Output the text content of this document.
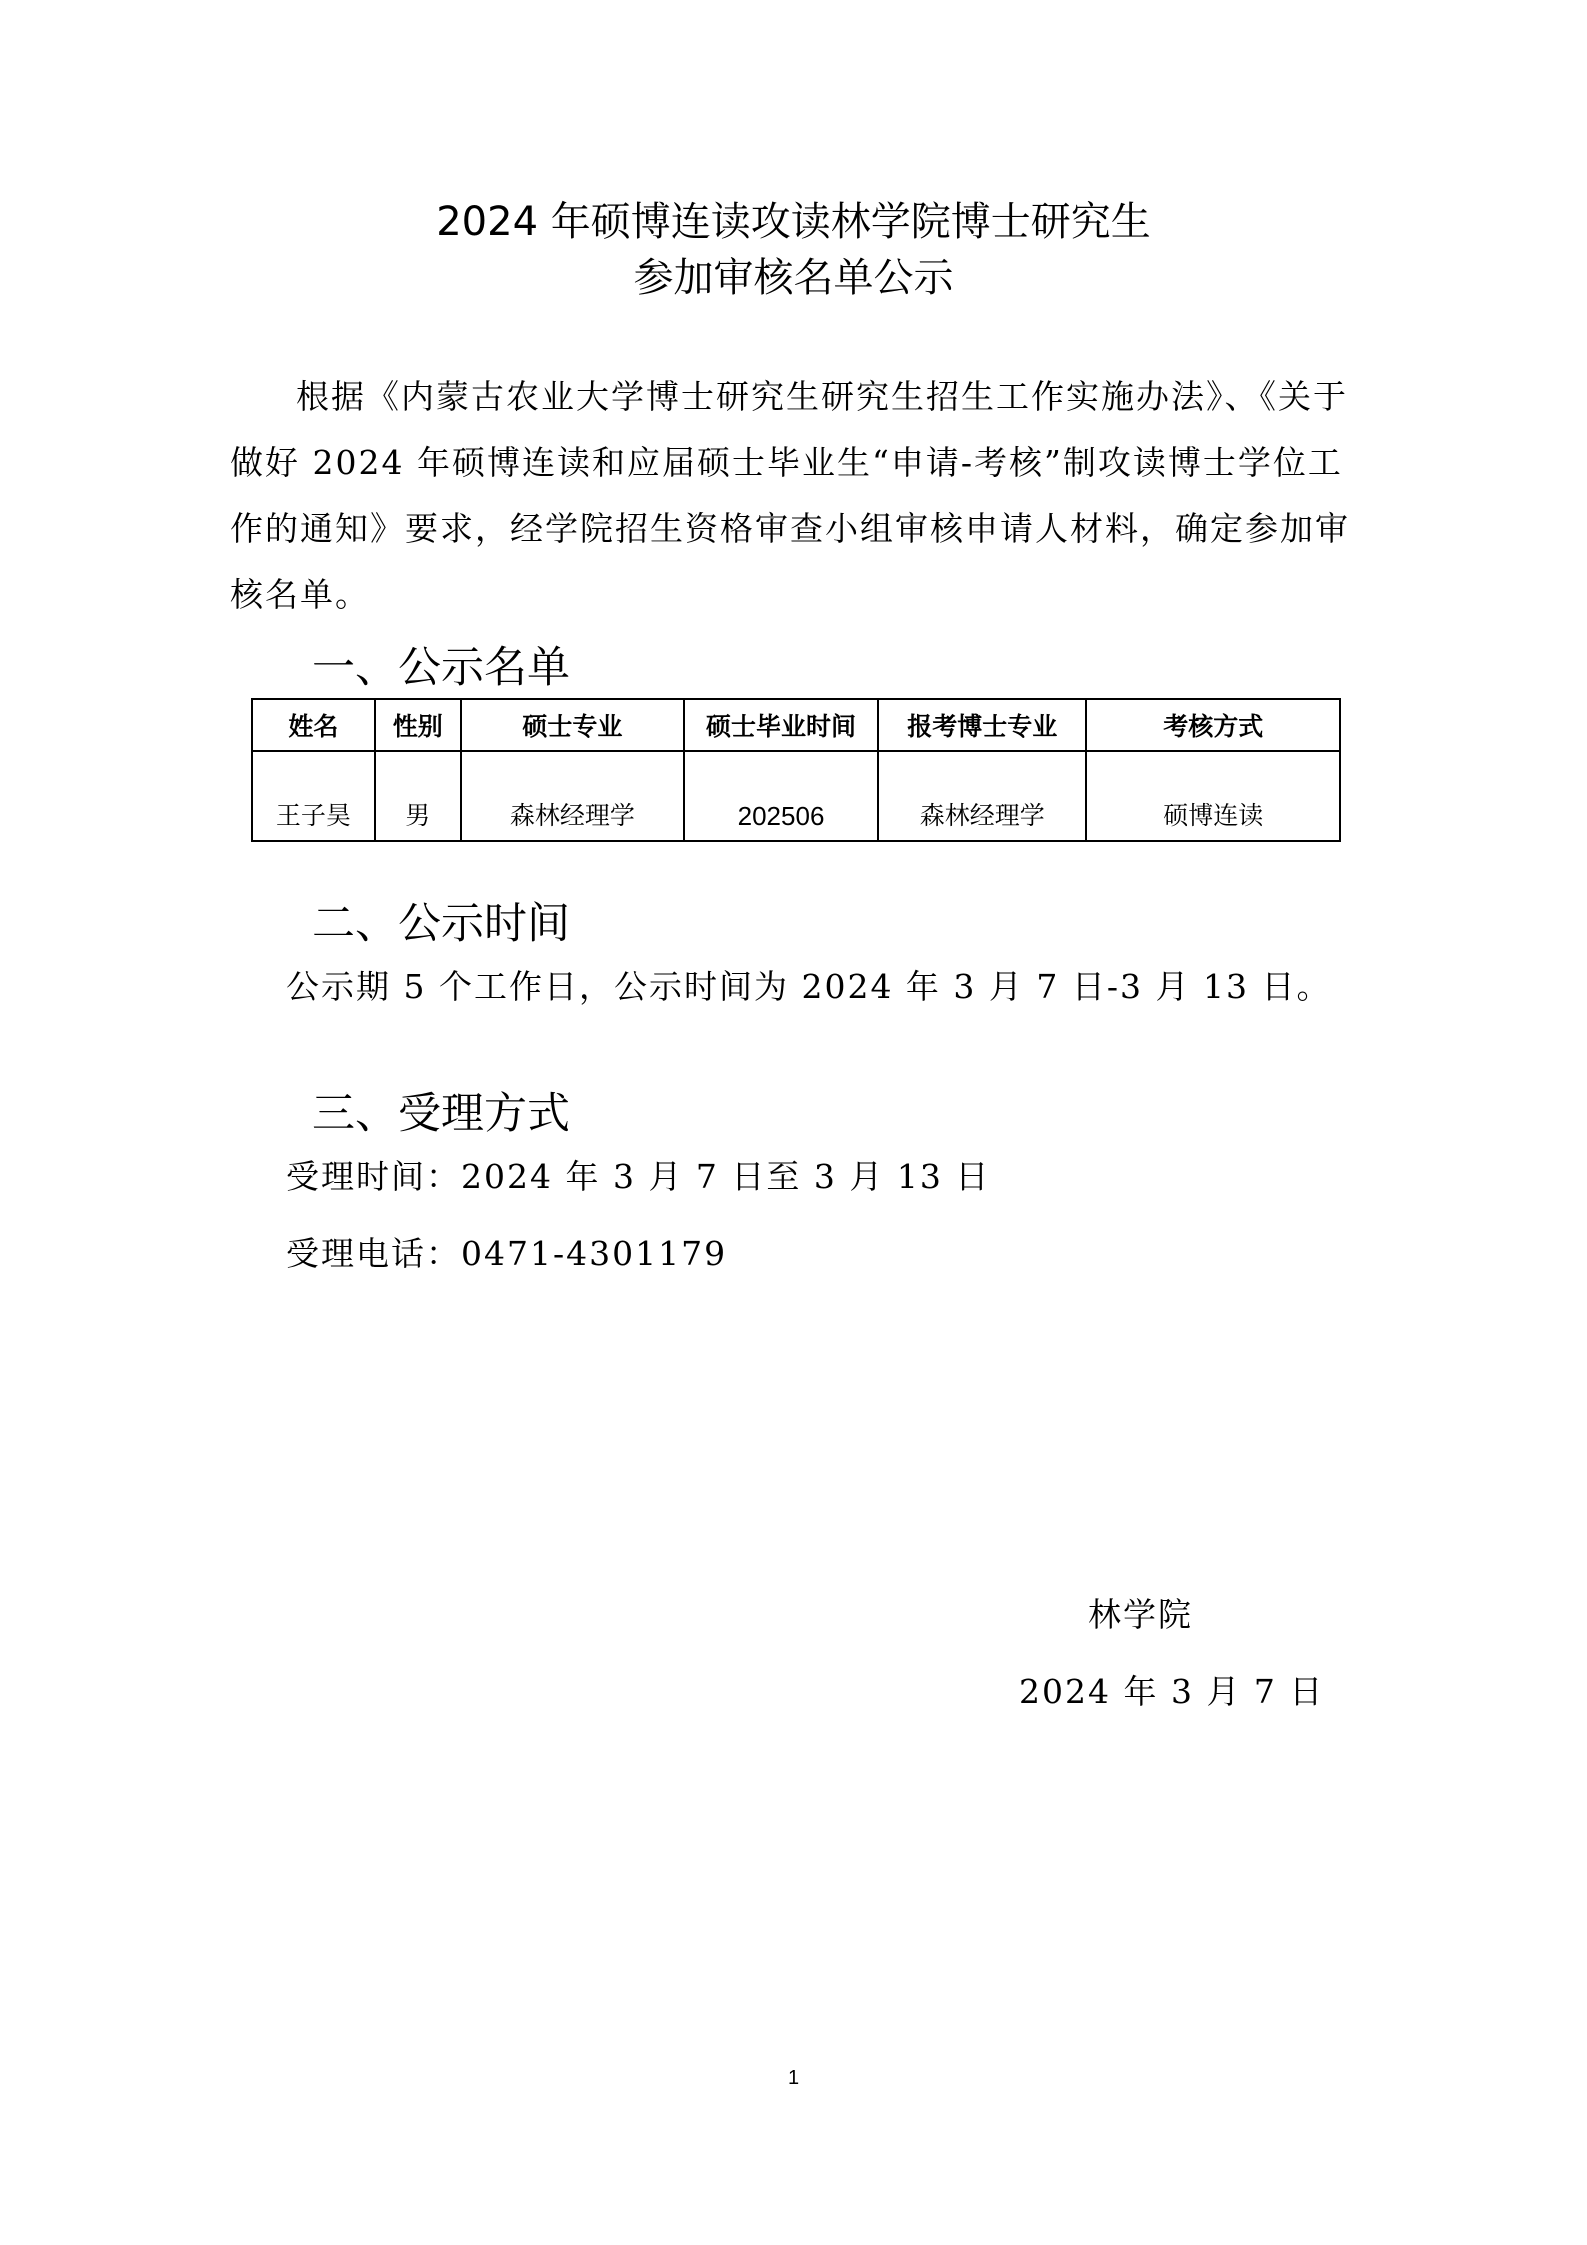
2024 年硕博连读攻读林学院博士研究生
参加审核名单公示

根据《内蒙古农业大学博士研究生研究生招生工作实施办法》、《关于做好 2024 年硕博连读和应届硕士毕业生“申请-考核”制攻读博士学位工作的通知》要求，经学院招生资格审查小组审核申请人材料，确定参加审核名单。

一、公示名单
姓名	性别	硕士专业	硕士毕业时间	报考博士专业	考核方式
王子昊	男	森林经理学	202506	森林经理学	硕博连读
二、公示时间

公示期 5 个工作日，公示时间为 2024 年 3 月 7 日-3 月 13 日。

三、受理方式

受理时间：2024 年 3 月 7 日至 3 月 13 日

受理电话：0471-4301179

林学院
2024 年 3 月 7 日
1
